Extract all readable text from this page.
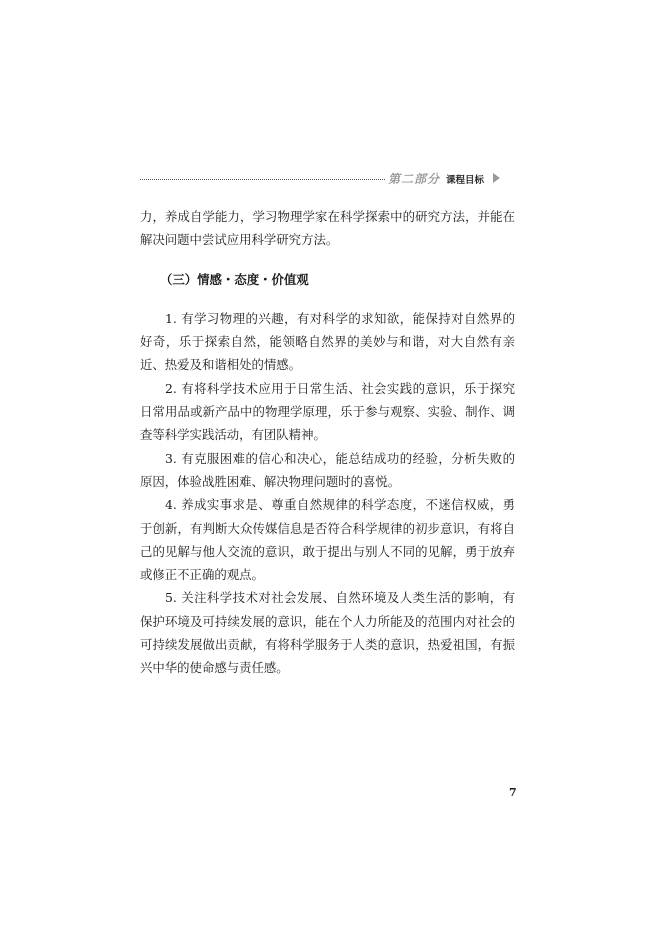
第二部分 课程目标

力，养成自学能力，学习物理学家在科学探索中的研究方法，并能在解决问题中尝试应用科学研究方法。

（三）情感・态度・价值观

1. 有学习物理的兴趣，有对科学的求知欲，能保持对自然界的好奇，乐于探索自然，能领略自然界的美妙与和谐，对大自然有亲近、热爱及和谐相处的情感。

2. 有将科学技术应用于日常生活、社会实践的意识，乐于探究日常用品或新产品中的物理学原理，乐于参与观察、实验、制作、调查等科学实践活动，有团队精神。

3. 有克服困难的信心和决心，能总结成功的经验，分析失败的原因，体验战胜困难、解决物理问题时的喜悦。

4. 养成实事求是、尊重自然规律的科学态度，不迷信权威，勇于创新，有判断大众传媒信息是否符合科学规律的初步意识，有将自己的见解与他人交流的意识，敢于提出与别人不同的见解，勇于放弃或修正不正确的观点。

5. 关注科学技术对社会发展、自然环境及人类生活的影响，有保护环境及可持续发展的意识，能在个人力所能及的范围内对社会的可持续发展做出贡献，有将科学服务于人类的意识，热爱祖国，有振兴中华的使命感与责任感。

7
